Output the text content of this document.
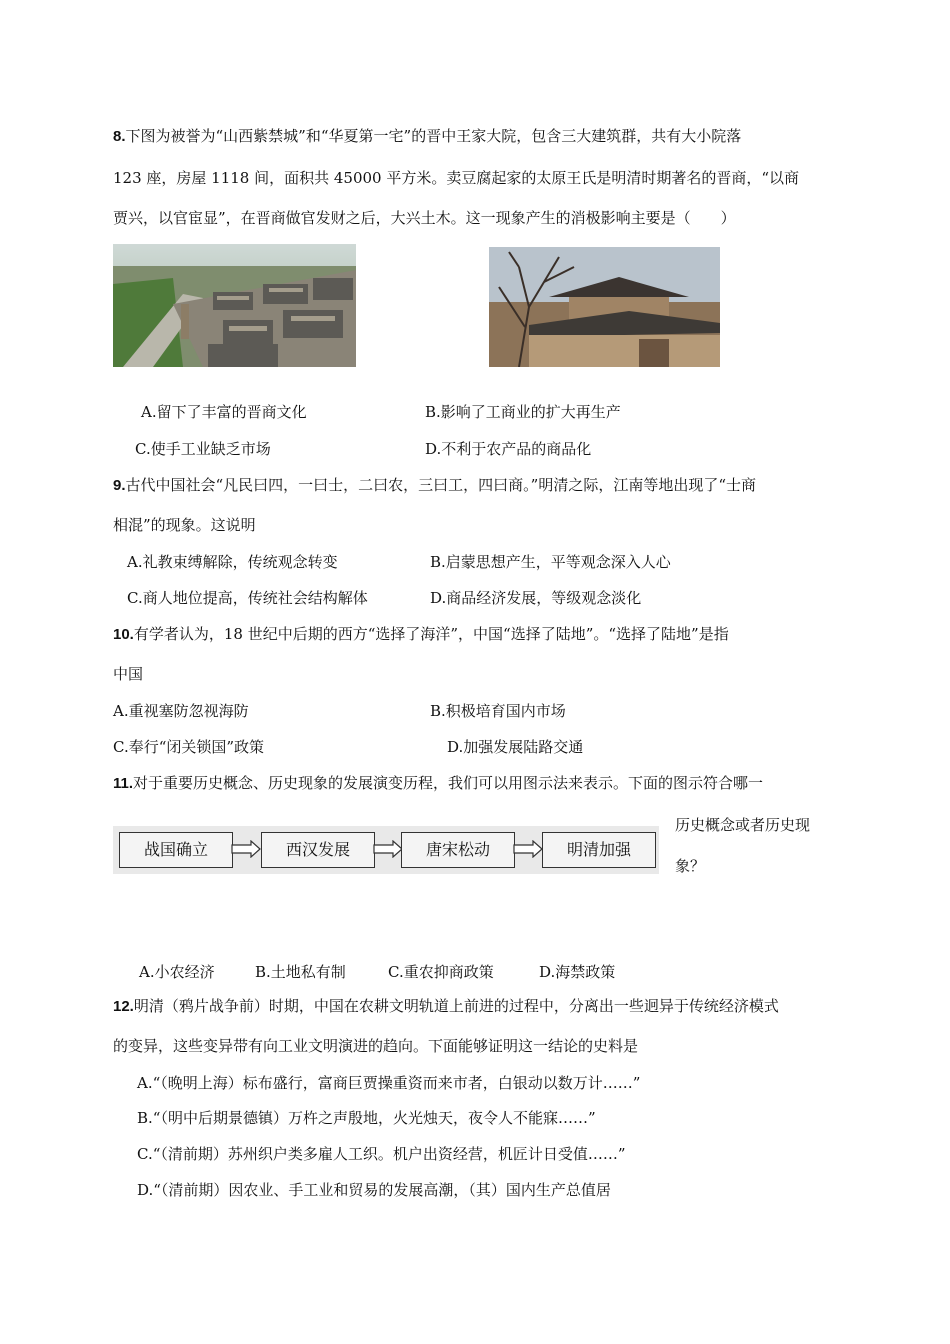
8.下图为被誉为“山西紫禁城”和“华夏第一宅”的晋中王家大院，包含三大建筑群，共有大小院落
123 座，房屋 1118 间，面积共 45000 平方米。卖豆腐起家的太原王氏是明清时期著名的晋商，“以商
贾兴，以官宦显”，在晋商做官发财之后，大兴土木。这一现象产生的消极影响主要是（　　）
A.留下了丰富的晋商文化	B.影响了工商业的扩大再生产
C.使手工业缺乏市场	D.不利于农产品的商品化
9.古代中国社会“凡民曰四，一曰士，二曰农，三曰工，四曰商。”明清之际，江南等地出现了“士商
相混”的现象。这说明
A.礼教束缚解除，传统观念转变	B.启蒙思想产生，平等观念深入人心
C.商人地位提高，传统社会结构解体	D.商品经济发展，等级观念淡化
10.有学者认为，18 世纪中后期的西方“选择了海洋”，中国“选择了陆地”。“选择了陆地”是指
中国
A.重视塞防忽视海防	B.积极培育国内市场
C.奉行“闭关锁国”政策	D.加强发展陆路交通
11.对于重要历史概念、历史现象的发展演变历程，我们可以用图示法来表示。下面的图示符合哪一
战国确立	西汉发展	唐宋松动	明清加强
历史概念或者历史现
象？
A.小农经济	B.土地私有制	C.重农抑商政策	D.海禁政策
12.明清（鸦片战争前）时期，中国在农耕文明轨道上前进的过程中，分离出一些迥异于传统经济模式
的变异，这些变异带有向工业文明演进的趋向。下面能够证明这一结论的史料是
A.“（晚明上海）标布盛行，富商巨贾操重资而来市者，白银动以数万计……”
B.“（明中后期景德镇）万杵之声殷地，火光烛天，夜令人不能寐……”
C.“（清前期）苏州织户类多雇人工织。机户出资经营，机匠计日受值……”
D.“（清前期）因农业、手工业和贸易的发展高潮，（其）国内生产总值居
